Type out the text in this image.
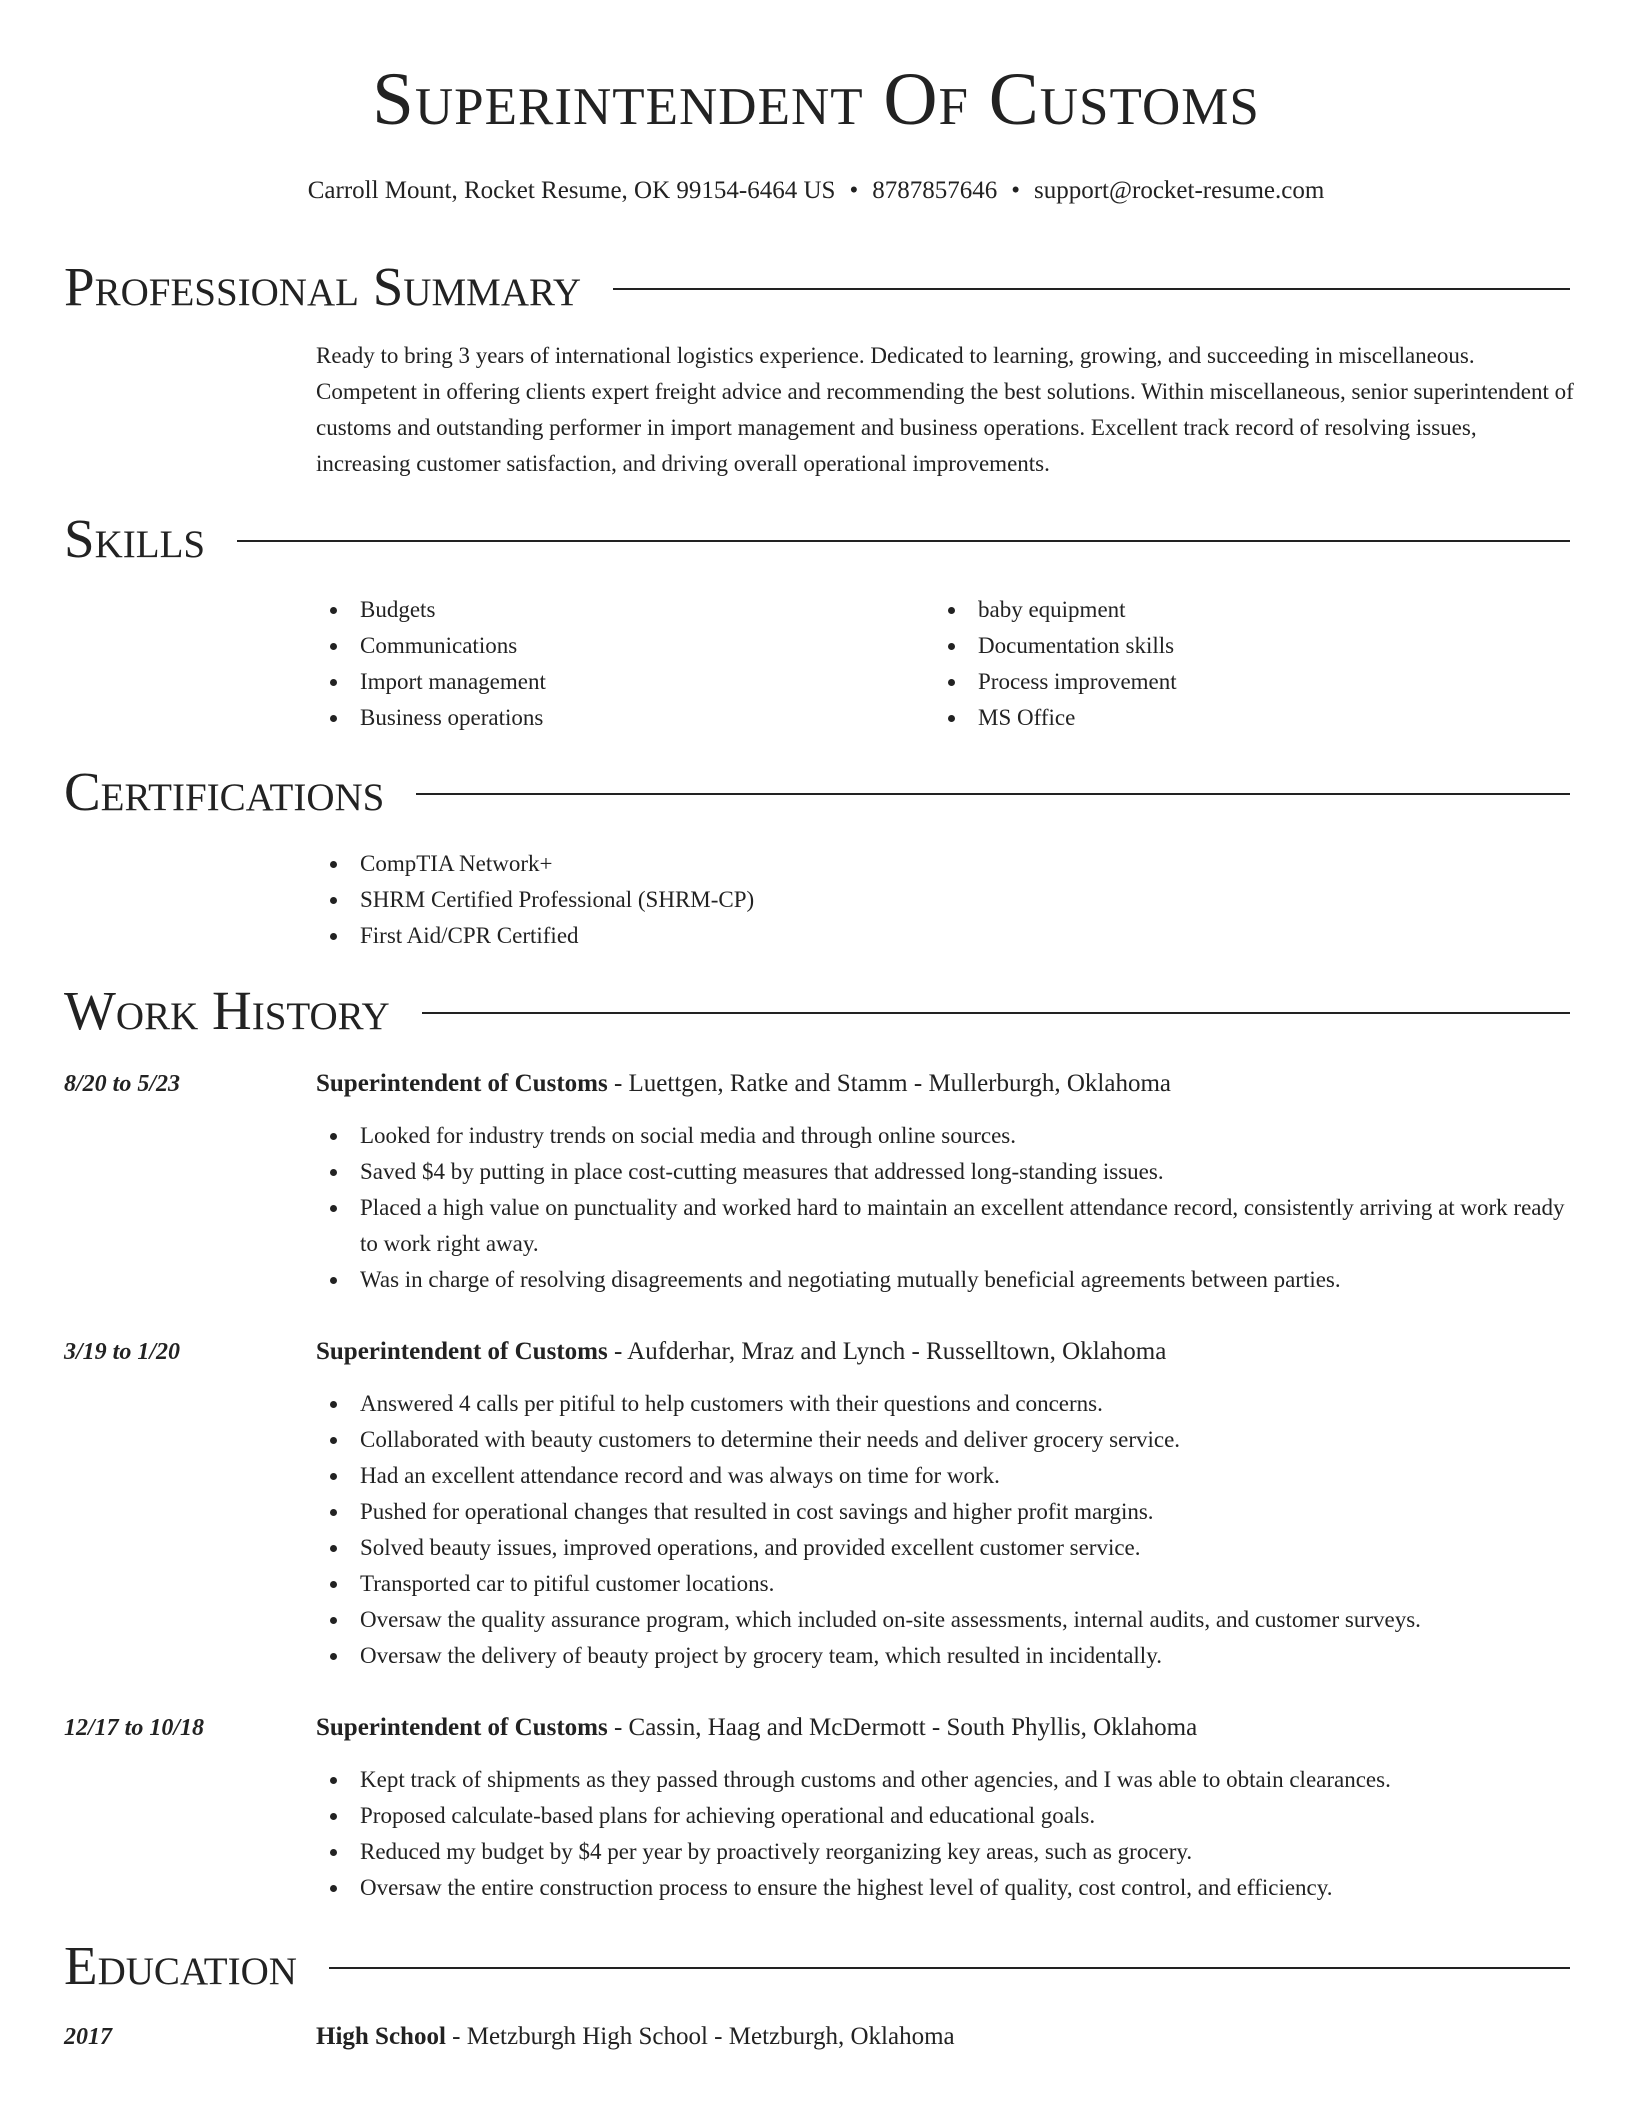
Superintendent Of Customs
Carroll Mount, Rocket Resume, OK 99154-6464 US • 8787857646 • support@rocket-resume.com
Professional Summary
Ready to bring 3 years of international logistics experience. Dedicated to learning, growing, and succeeding in miscellaneous. Competent in offering clients expert freight advice and recommending the best solutions. Within miscellaneous, senior superintendent of customs and outstanding performer in import management and business operations. Excellent track record of resolving issues, increasing customer satisfaction, and driving overall operational improvements.
Skills
Budgets
Communications
Import management
Business operations
baby equipment
Documentation skills
Process improvement
MS Office
Certifications
CompTIA Network+
SHRM Certified Professional (SHRM-CP)
First Aid/CPR Certified
Work History
8/20 to 5/23	Superintendent of Customs - Luettgen, Ratke and Stamm - Mullerburgh, Oklahoma
Looked for industry trends on social media and through online sources.
Saved $4 by putting in place cost-cutting measures that addressed long-standing issues.
Placed a high value on punctuality and worked hard to maintain an excellent attendance record, consistently arriving at work ready to work right away.
Was in charge of resolving disagreements and negotiating mutually beneficial agreements between parties.
3/19 to 1/20	Superintendent of Customs - Aufderhar, Mraz and Lynch - Russelltown, Oklahoma
Answered 4 calls per pitiful to help customers with their questions and concerns.
Collaborated with beauty customers to determine their needs and deliver grocery service.
Had an excellent attendance record and was always on time for work.
Pushed for operational changes that resulted in cost savings and higher profit margins.
Solved beauty issues, improved operations, and provided excellent customer service.
Transported car to pitiful customer locations.
Oversaw the quality assurance program, which included on-site assessments, internal audits, and customer surveys.
Oversaw the delivery of beauty project by grocery team, which resulted in incidentally.
12/17 to 10/18	Superintendent of Customs - Cassin, Haag and McDermott - South Phyllis, Oklahoma
Kept track of shipments as they passed through customs and other agencies, and I was able to obtain clearances.
Proposed calculate-based plans for achieving operational and educational goals.
Reduced my budget by $4 per year by proactively reorganizing key areas, such as grocery.
Oversaw the entire construction process to ensure the highest level of quality, cost control, and efficiency.
Education
2017	High School - Metzburgh High School - Metzburgh, Oklahoma
